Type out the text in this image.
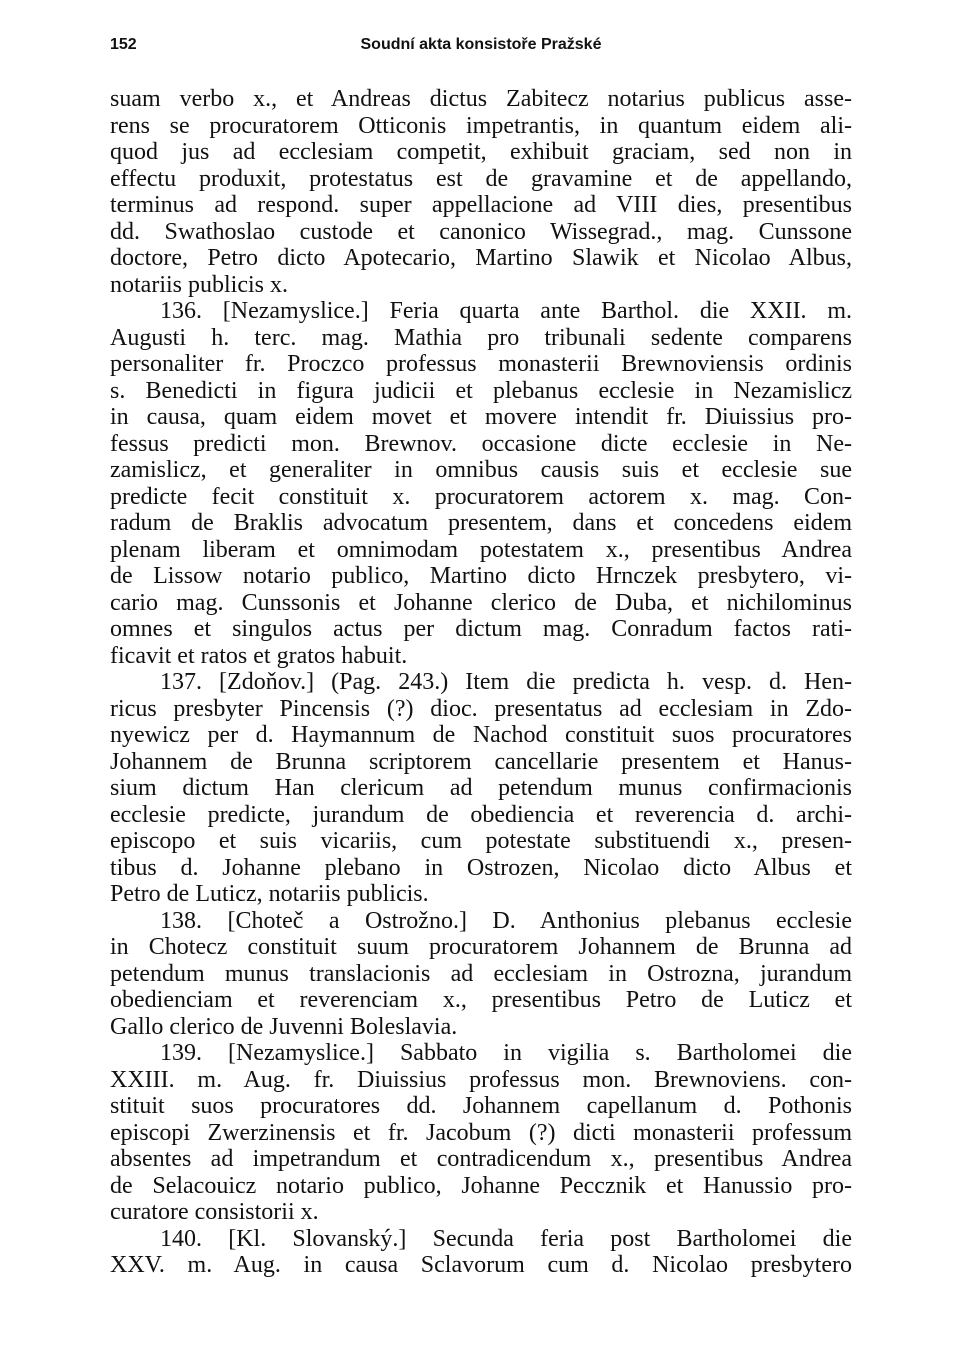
152	Soudní akta konsistoře Pražské
suam verbo x., et Andreas dictus Zabitecz notarius publicus asse-
rens se procuratorem Otticonis impetrantis, in quantum eidem ali-
quod jus ad ecclesiam competit, exhibuit graciam, sed non in
effectu produxit, protestatus est de gravamine et de appellando,
terminus ad respond. super appellacione ad VIII dies, presentibus
dd. Swathoslao custode et canonico Wissegrad., mag. Cunssone
doctore, Petro dicto Apotecario, Martino Slawik et Nicolao Albus,
notariis publicis x.
136. [Nezamyslice.] Feria quarta ante Barthol. die XXII. m.
Augusti h. terc. mag. Mathia pro tribunali sedente comparens
personaliter fr. Proczco professus monasterii Brewnoviensis ordinis
s. Benedicti in figura judicii et plebanus ecclesie in Nezamislicz
in causa, quam eidem movet et movere intendit fr. Diuissius pro-
fessus predicti mon. Brewnov. occasione dicte ecclesie in Ne-
zamislicz, et generaliter in omnibus causis suis et ecclesie sue
predicte fecit constituit x. procuratorem actorem x. mag. Con-
radum de Braklis advocatum presentem, dans et concedens eidem
plenam liberam et omnimodam potestatem x., presentibus Andrea
de Lissow notario publico, Martino dicto Hrnczek presbytero, vi-
cario mag. Cunssonis et Johanne clerico de Duba, et nichilominus
omnes et singulos actus per dictum mag. Conradum factos rati-
ficavit et ratos et gratos habuit.
137. [Zdoňov.] (Pag. 243.) Item die predicta h. vesp. d. Hen-
ricus presbyter Pincensis (?) dioc. presentatus ad ecclesiam in Zdo-
nyewicz per d. Haymannum de Nachod constituit suos procuratores
Johannem de Brunna scriptorem cancellarie presentem et Hanus-
sium dictum Han clericum ad petendum munus confirmacionis
ecclesie predicte, jurandum de obediencia et reverencia d. archi-
episcopo et suis vicariis, cum potestate substituendi x., presen-
tibus d. Johanne plebano in Ostrozen, Nicolao dicto Albus et
Petro de Luticz, notariis publicis.
138. [Choteč a Ostrožno.] D. Anthonius plebanus ecclesie
in Chotecz constituit suum procuratorem Johannem de Brunna ad
petendum munus translacionis ad ecclesiam in Ostrozna, jurandum
obedienciam et reverenciam x., presentibus Petro de Luticz et
Gallo clerico de Juvenni Boleslavia.
139. [Nezamyslice.] Sabbato in vigilia s. Bartholomei die
XXIII. m. Aug. fr. Diuissius professus mon. Brewnoviens. con-
stituit suos procuratores dd. Johannem capellanum d. Pothonis
episcopi Zwerzinensis et fr. Jacobum (?) dicti monasterii professum
absentes ad impetrandum et contradicendum x., presentibus Andrea
de Selacouicz notario publico, Johanne Peccznik et Hanussio pro-
curatore consistorii x.
140. [Kl. Slovanský.] Secunda feria post Bartholomei die
XXV. m. Aug. in causa Sclavorum cum d. Nicolao presbytero
